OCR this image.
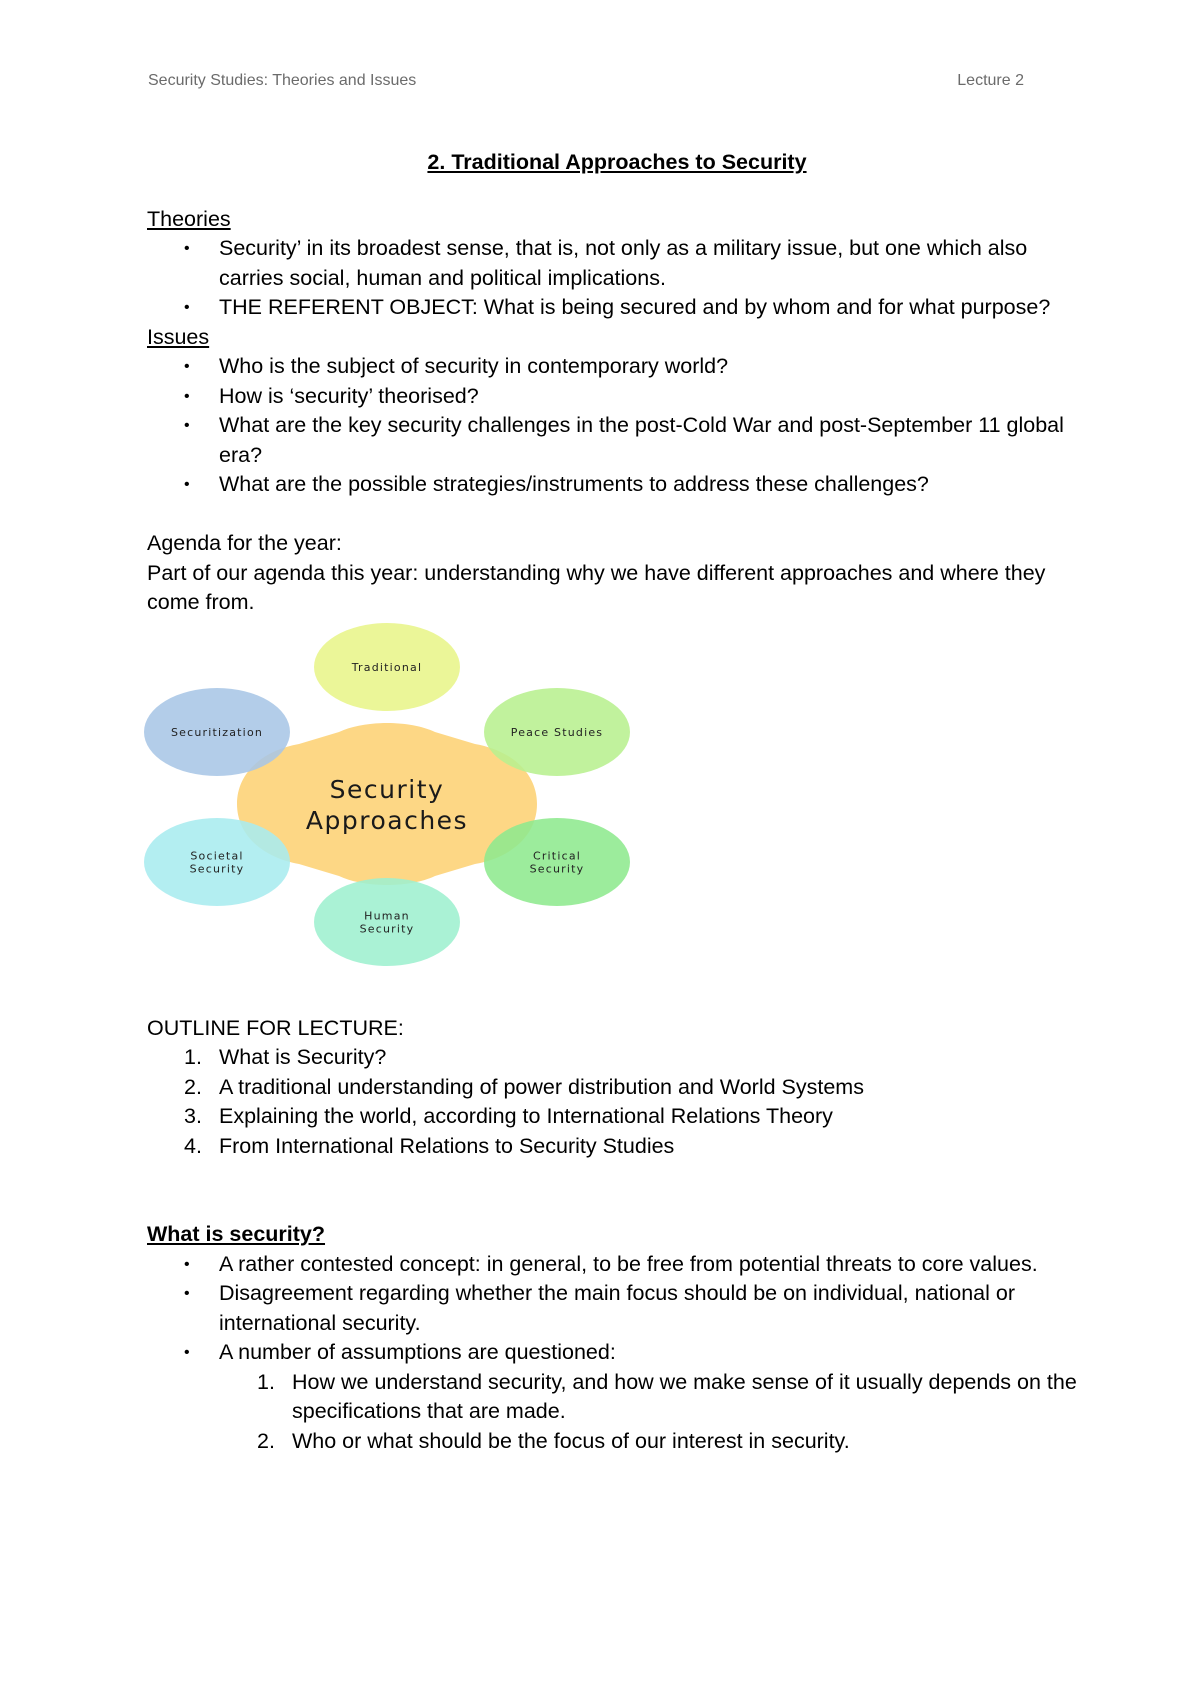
Security Studies: Theories and Issues	Lecture 2
2. Traditional Approaches to Security

Theories

• Security’ in its broadest sense, that is, not only as a military issue, but one which also carries social, human and political implications.
• THE REFERENT OBJECT: What is being secured and by whom and for what purpose?

Issues

• Who is the subject of security in contemporary world?
• How is ‘security’ theorised?
• What are the key security challenges in the post-Cold War and post-September 11 global era?
• What are the possible strategies/instruments to address these challenges?

Agenda for the year:

Part of our agenda this year: understanding why we have different approaches and where they come from.

Security
Approaches
Traditional
Peace Studies
Critical
Security
Human
Security
Societal
Security
Securitization

OUTLINE FOR LECTURE:

1. What is Security?
2. A traditional understanding of power distribution and World Systems
3. Explaining the world, according to International Relations Theory
4. From International Relations to Security Studies

What is security?

• A rather contested concept: in general, to be free from potential threats to core values.
• Disagreement regarding whether the main focus should be on individual, national or international security.
• A number of assumptions are questioned:
1. How we understand security, and how we make sense of it usually depends on the specifications that are made.
2. Who or what should be the focus of our interest in security.
